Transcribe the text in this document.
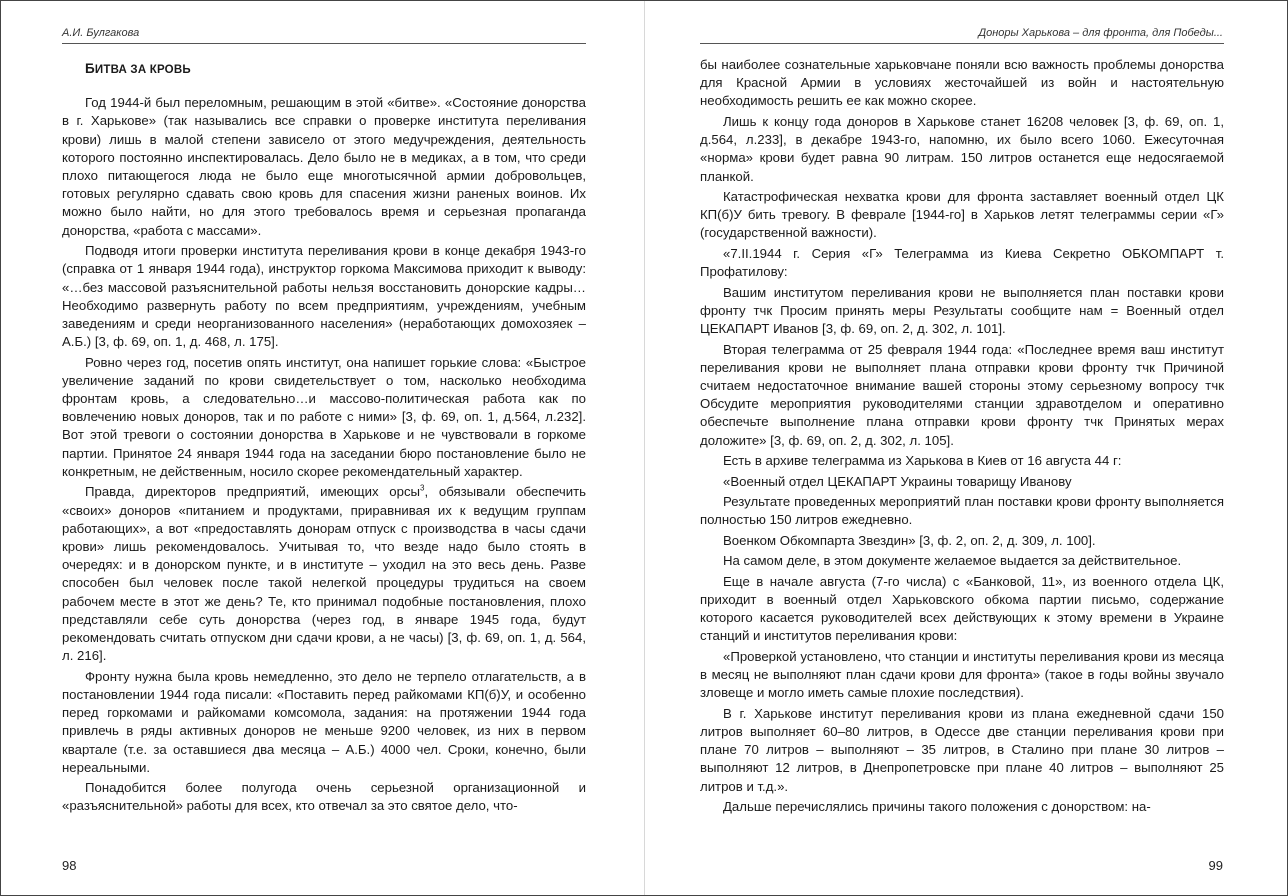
А.И. Булгакова
БИТВА ЗА КРОВЬ

Год 1944-й был переломным, решающим в этой «битве». «Состояние донорства в г. Харькове» (так назывались все справки о проверке института переливания крови) лишь в малой степени зависело от этого медучреждения, деятельность которого постоянно инспектировалась. Дело было не в медиках, а в том, что среди плохо питающегося люда не было еще многотысячной армии добровольцев, готовых регулярно сдавать свою кровь для спасения жизни раненых воинов. Их можно было найти, но для этого требовалось время и серьезная пропаганда донорства, «работа с массами».

Подводя итоги проверки института переливания крови в конце декабря 1943-го (справка от 1 января 1944 года), инструктор горкома Максимова приходит к выводу: «…без массовой разъяснительной работы нельзя восстановить донорские кадры…Необходимо развернуть работу по всем предприятиям, учреждениям, учебным заведениям и среди неорганизованного населения» (неработающих домохозяек – А.Б.) [3, ф. 69, оп. 1, д. 468, л. 175].

Ровно через год, посетив опять институт, она напишет горькие слова: «Быстрое увеличение заданий по крови свидетельствует о том, насколько необходима фронтам кровь, а следовательно…и массово-политическая работа как по вовлечению новых доноров, так и по работе с ними» [3, ф. 69, оп. 1, д.564, л.232]. Вот этой тревоги о состоянии донорства в Харькове и не чувствовали в горкоме партии. Принятое 24 января 1944 года на заседании бюро постановление было не конкретным, не действенным, носило скорее рекомендательный характер.

Правда, директоров предприятий, имеющих орсы$^3$, обязывали обеспечить «своих» доноров «питанием и продуктами, приравнивая их к ведущим группам работающих», а вот «предоставлять донорам отпуск с производства в часы сдачи крови» лишь рекомендовалось. Учитывая то, что везде надо было стоять в очередях: и в донорском пункте, и в институте – уходил на это весь день. Разве способен был человек после такой нелегкой процедуры трудиться на своем рабочем месте в этот же день? Те, кто принимал подобные постановления, плохо представляли себе суть донорства (через год, в январе 1945 года, будут рекомендовать считать отпуском дни сдачи крови, а не часы) [3, ф. 69, оп. 1, д. 564, л. 216].

Фронту нужна была кровь немедленно, это дело не терпело отлагательств, а в постановлении 1944 года писали: «Поставить перед райкомами КП(б)У, и особенно перед горкомами и райкомами комсомола, задания: на протяжении 1944 года привлечь в ряды активных доноров не меньше 9200 человек, из них в первом квартале (т.е. за оставшиеся два месяца – А.Б.) 4000 чел. Сроки, конечно, были нереальными.

Понадобится более полугода очень серьезной организационной и «разъяснительной» работы для всех, кто отвечал за это святое дело, что-

98
Доноры Харькова – для фронта, для Победы...

бы наиболее сознательные харьковчане поняли всю важность проблемы донорства для Красной Армии в условиях жесточайшей из войн и настоятельную необходимость решить ее как можно скорее.

Лишь к концу года доноров в Харькове станет 16208 человек [3, ф. 69, оп. 1, д.564, л.233], в декабре 1943-го, напомню, их было всего 1060. Ежесуточная «норма» крови будет равна 90 литрам. 150 литров останется еще недосягаемой планкой.

Катастрофическая нехватка крови для фронта заставляет военный отдел ЦК КП(б)У бить тревогу. В феврале [1944-го] в Харьков летят телеграммы серии «Г» (государственной важности).

«7.II.1944 г. Серия «Г» Телеграмма из Киева Секретно ОБКОМПАРТ т. Профатилову:

Вашим институтом переливания крови не выполняется план поставки крови фронту тчк Просим принять меры Результаты сообщите нам = Военный отдел ЦЕКАПАРТ Иванов [3, ф. 69, оп. 2, д. 302, л. 101].

Вторая телеграмма от 25 февраля 1944 года: «Последнее время ваш институт переливания крови не выполняет плана отправки крови фронту тчк Причиной считаем недостаточное внимание вашей стороны этому серьезному вопросу тчк Обсудите мероприятия руководителями станции здравотделом и оперативно обеспечьте выполнение плана отправки крови фронту тчк Принятых мерах доложите» [3, ф. 69, оп. 2, д. 302, л. 105].

Есть в архиве телеграмма из Харькова в Киев от 16 августа 44 г:

«Военный отдел ЦЕКАПАРТ Украины товарищу Иванову

Результате проведенных мероприятий план поставки крови фронту выполняется полностью 150 литров ежедневно.

Военком Обкомпарта Звездин» [3, ф. 2, оп. 2, д. 309, л. 100].

На самом деле, в этом документе желаемое выдается за действительное.

Еще в начале августа (7-го числа) с «Банковой, 11», из военного отдела ЦК, приходит в военный отдел Харьковского обкома партии письмо, содержание которого касается руководителей всех действующих к этому времени в Украине станций и институтов переливания крови:

«Проверкой установлено, что станции и институты переливания крови из месяца в месяц не выполняют план сдачи крови для фронта» (такое в годы войны звучало зловеще и могло иметь самые плохие последствия).

В г. Харькове институт переливания крови из плана ежедневной сдачи 150 литров выполняет 60–80 литров, в Одессе две станции переливания крови при плане 70 литров – выполняют – 35 литров, в Сталино при плане 30 литров – выполняют 12 литров, в Днепропетровске при плане 40 литров – выполняют 25 литров и т.д.».

Дальше перечислялись причины такого положения с донорством: на-

99
